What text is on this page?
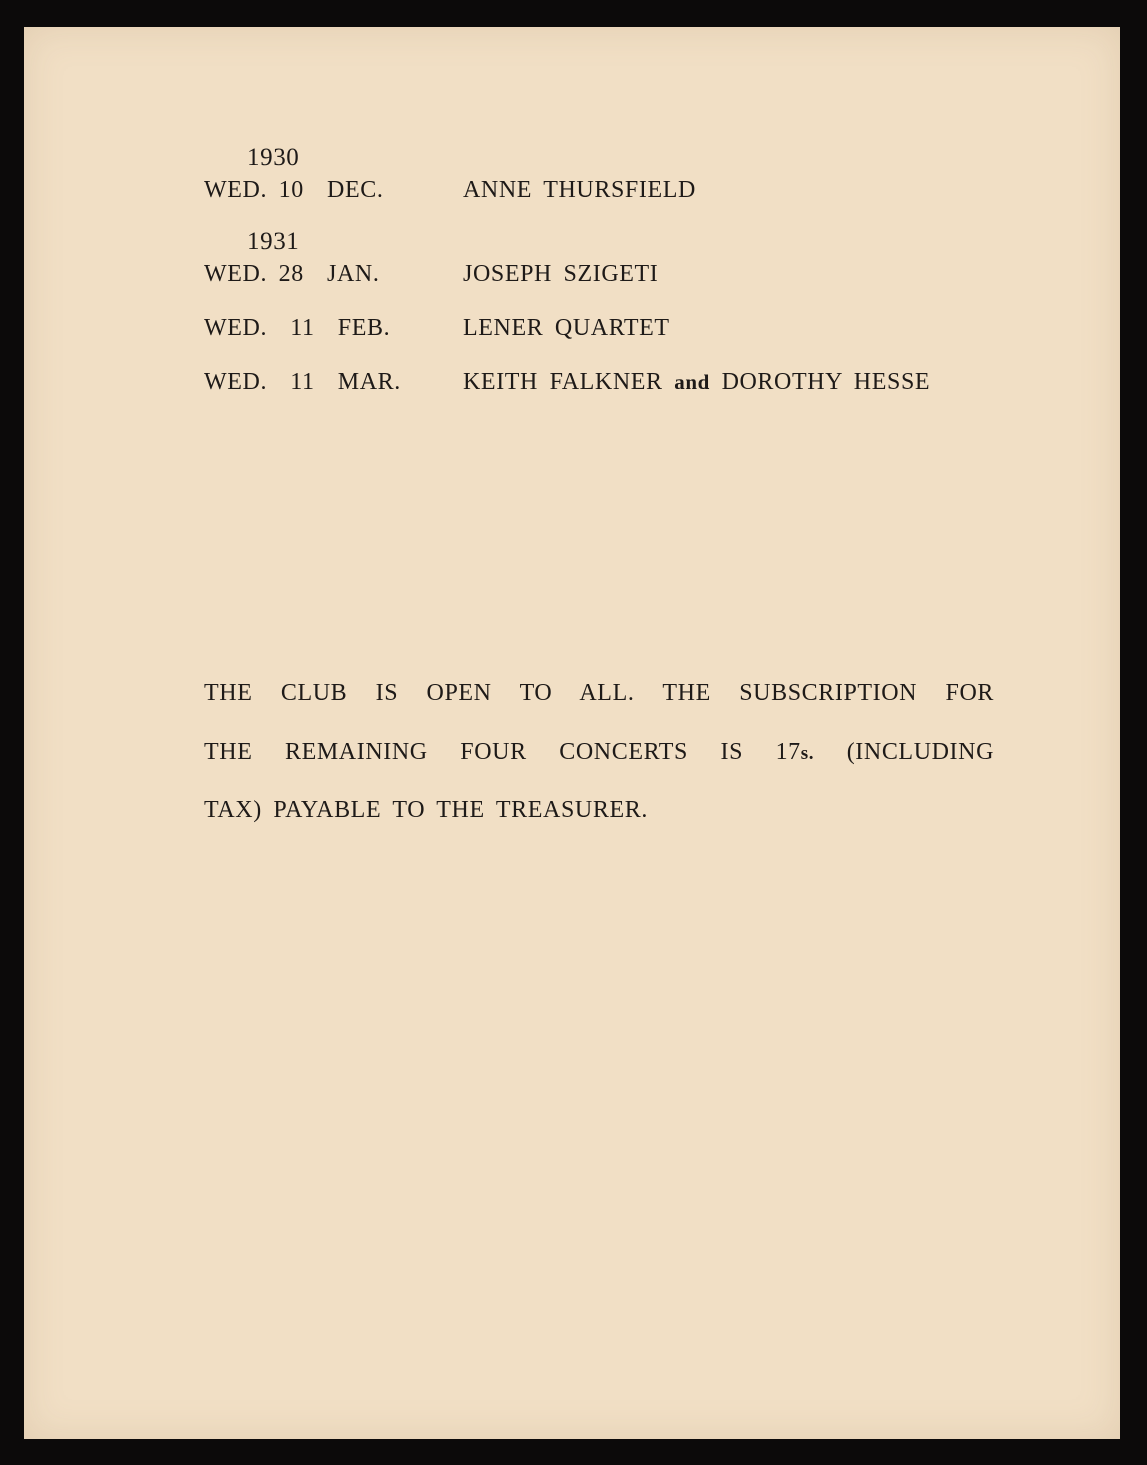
1930
WED. 10  DEC.	ANNE THURSFIELD
1931
WED. 28  JAN.	JOSEPH SZIGETI
WED.  11  FEB.	LENER QUARTET
WED.  11  MAR.	KEITH FALKNER and DOROTHY HESSE
THE CLUB IS OPEN TO ALL. THE SUBSCRIPTION FOR
THE REMAINING FOUR CONCERTS IS 17s. (INCLUDING
TAX) PAYABLE TO THE TREASURER.
